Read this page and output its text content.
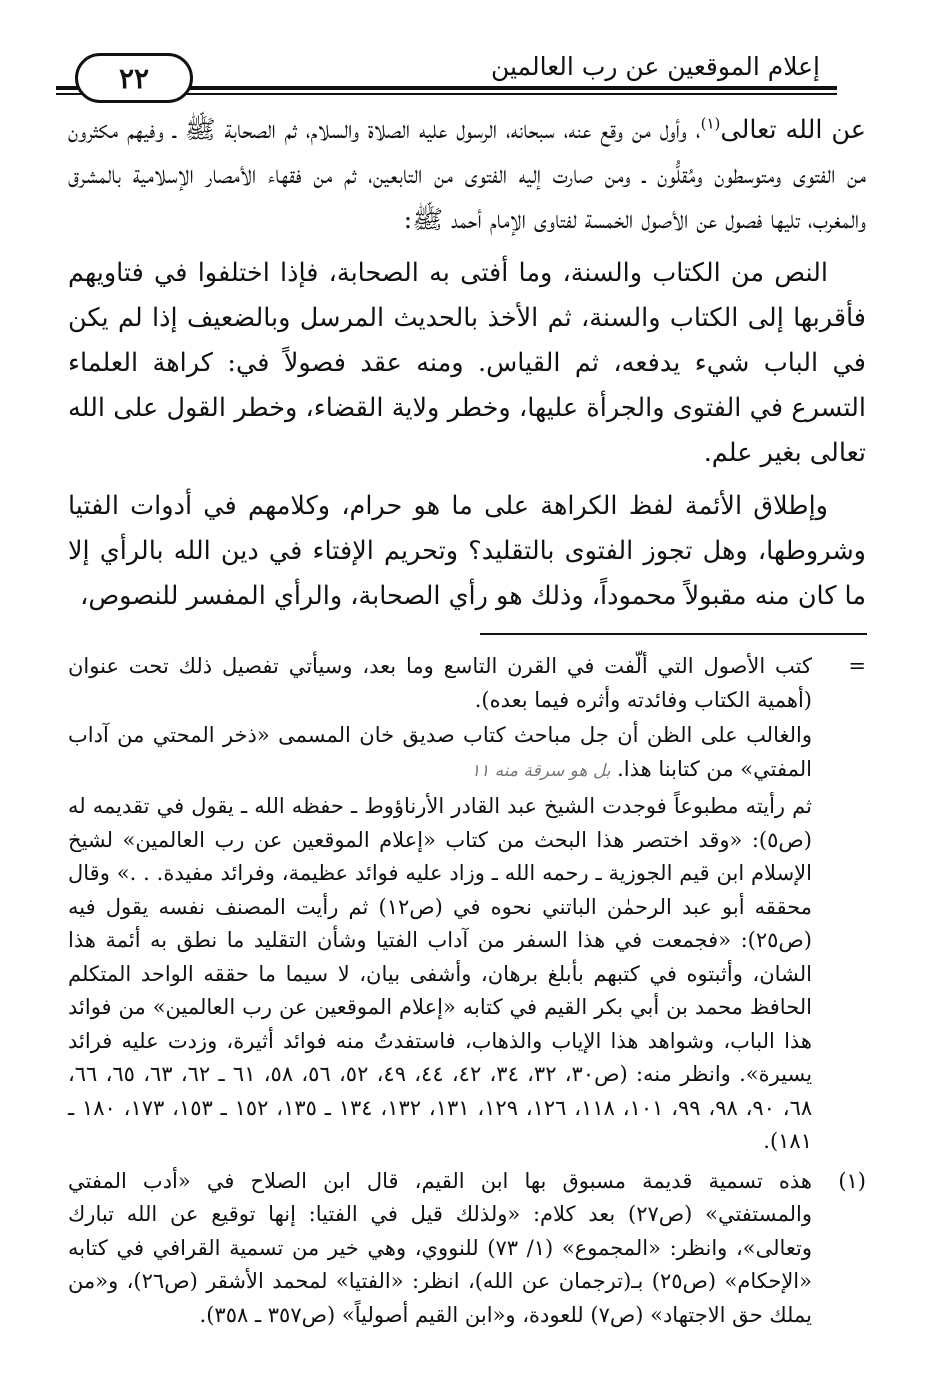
إعلام الموقعين عن رب العالمين
٢٢

عن الله تعالى$^{(١)}$، وأول من وقع عنه، سبحانه، الرسول عليه الصلاة والسلام، ثم الصحابة ﷺ ـ وفيهم مكثرون من الفتوى ومتوسطون ومُقلُّون ـ ومن صارت إليه الفتوى من التابعين، ثم من فقهاء الأمصار الإسلامية بالمشرق والمغرب، تليها فصول عن الأصول الخمسة لفتاوى الإمام أحمد ﷺ:

النص من الكتاب والسنة، وما أفتى به الصحابة، فإذا اختلفوا في فتاويهم فأقربها إلى الكتاب والسنة، ثم الأخذ بالحديث المرسل وبالضعيف إذا لم يكن في الباب شيء يدفعه، ثم القياس. ومنه عقد فصولاً في: كراهة العلماء التسرع في الفتوى والجرأة عليها، وخطر ولاية القضاء، وخطر القول على الله تعالى بغير علم.

وإطلاق الأئمة لفظ الكراهة على ما هو حرام، وكلامهم في أدوات الفتيا وشروطها، وهل تجوز الفتوى بالتقليد؟ وتحريم الإفتاء في دين الله بالرأي إلا ما كان منه مقبولاً محموداً، وذلك هو رأي الصحابة، والرأي المفسر للنصوص،

=

كتب الأصول التي ألّفت في القرن التاسع وما بعد، وسيأتي تفصيل ذلك تحت عنوان (أهمية الكتاب وفائدته وأثره فيما بعده).

والغالب على الظن أن جل مباحث كتاب صديق خان المسمى «ذخر المحتي من آداب المفتي» من كتابنا هذا. بل هو سرقة منه ١١

ثم رأيته مطبوعاً فوجدت الشيخ عبد القادر الأرناؤوط ـ حفظه الله ـ يقول في تقديمه له (ص٥): «وقد اختصر هذا البحث من كتاب «إعلام الموقعين عن رب العالمين» لشيخ الإسلام ابن قيم الجوزية ـ رحمه الله ـ وزاد عليه فوائد عظيمة، وفرائد مفيدة. . .» وقال محققه أبو عبد الرحمٰن الباتني نحوه في (ص١٢) ثم رأيت المصنف نفسه يقول فيه (ص٢٥): «فجمعت في هذا السفر من آداب الفتيا وشأن التقليد ما نطق به أئمة هذا الشان، وأثبتوه في كتبهم بأبلغ برهان، وأشفى بيان، لا سيما ما حققه الواحد المتكلم الحافظ محمد بن أبي بكر القيم في كتابه «إعلام الموقعين عن رب العالمين» من فوائد هذا الباب، وشواهد هذا الإياب والذهاب، فاستفدتُ منه فوائد أثيرة، وزدت عليه فرائد يسيرة». وانظر منه: (ص٣٠، ٣٢، ٣٤، ٤٢، ٤٤، ٤٩، ٥٢، ٥٦، ٥٨، ٦١ ـ ٦٢، ٦٣، ٦٥، ٦٦، ٦٨، ٩٠، ٩٨، ٩٩، ١٠١، ١١٨، ١٢٦، ١٢٩، ١٣١، ١٣٢، ١٣٤ ـ ١٣٥، ١٥٢ ـ ١٥٣، ١٧٣، ١٨٠ ـ ١٨١).

(١)

هذه تسمية قديمة مسبوق بها ابن القيم، قال ابن الصلاح في «أدب المفتي والمستفتي» (ص٢٧) بعد كلام: «ولذلك قيل في الفتيا: إنها توقيع عن الله تبارك وتعالى»، وانظر: «المجموع» (١/ ٧٣) للنووي، وهي خير من تسمية القرافي في كتابه «الإحكام» (ص٢٥) بـ(ترجمان عن الله)، انظر: «الفتيا» لمحمد الأشقر (ص٢٦)، و«من يملك حق الاجتهاد» (ص٧) للعودة، و«ابن القيم أصولياً» (ص٣٥٧ ـ ٣٥٨).
